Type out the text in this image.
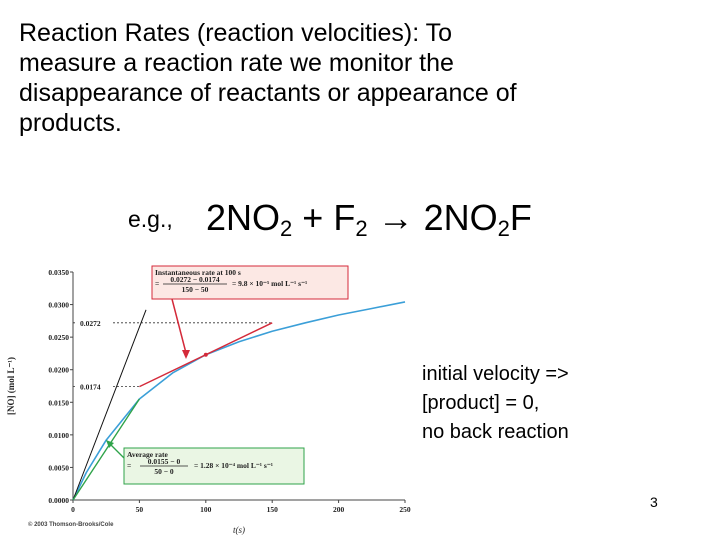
Reaction Rates (reaction velocities): To
measure a reaction rate we monitor the
disappearance of reactants or appearance of
products.
e.g., $2NO_2 + F_2 \to 2NO_2F$
0.0000
0.0050
0.0100
0.0150
0.0200
0.0250
0.0300
0.0350
0	50	100	150	200	250
0.0272
0.0174
Instantaneous rate at 100 s
= 0.0272 − 0.0174
150 − 50
= 9.8 × 10⁻⁵ mol L⁻¹ s⁻¹
Average rate
= 0.0155 − 0
50 − 0
= 1.28 × 10⁻⁴ mol L⁻¹ s⁻¹
[NO] (mol L⁻¹)
t(s)
© 2003 Thomson-Brooks/Cole
initial velocity =>
[product] = 0,
no back reaction
3
